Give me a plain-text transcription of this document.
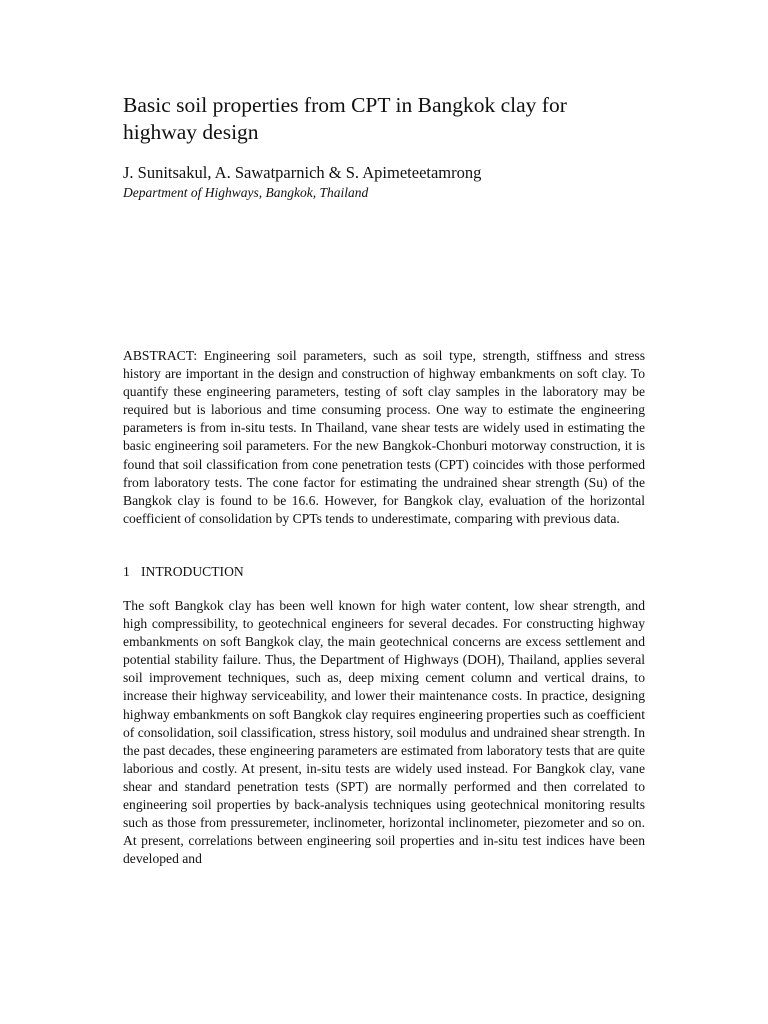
Basic soil properties from CPT in Bangkok clay for highway design
J. Sunitsakul, A. Sawatparnich & S. Apimeteetamrong
Department of Highways, Bangkok, Thailand
ABSTRACT: Engineering soil parameters, such as soil type, strength, stiffness and stress history are important in the design and construction of highway embankments on soft clay. To quantify these engineering parameters, testing of soft clay samples in the laboratory may be required but is laborious and time consuming process. One way to estimate the engineering parameters is from in-situ tests. In Thailand, vane shear tests are widely used in estimating the basic engineering soil parameters. For the new Bangkok-Chonburi motorway construction, it is found that soil classification from cone penetration tests (CPT) coincides with those performed from laboratory tests. The cone factor for estimating the undrained shear strength (Su) of the Bangkok clay is found to be 16.6. However, for Bangkok clay, evaluation of the horizontal coefficient of consolidation by CPTs tends to underestimate, comparing with previous data.
1 INTRODUCTION
The soft Bangkok clay has been well known for high water content, low shear strength, and high compressibility, to geotechnical engineers for several decades. For constructing highway embankments on soft Bangkok clay, the main geotechnical concerns are excess settlement and potential stability failure. Thus, the Department of Highways (DOH), Thailand, applies several soil improvement techniques, such as, deep mixing cement column and vertical drains, to increase their highway serviceability, and lower their maintenance costs. In practice, designing highway embankments on soft Bangkok clay requires engineering properties such as coefficient of consolidation, soil classification, stress history, soil modulus and undrained shear strength. In the past decades, these engineering parameters are estimated from laboratory tests that are quite laborious and costly. At present, in-situ tests are widely used instead. For Bangkok clay, vane shear and standard penetration tests (SPT) are normally performed and then correlated to engineering soil properties by back-analysis techniques using geotechnical monitoring results such as those from pressuremeter, inclinometer, horizontal inclinometer, piezometer and so on. At present, correlations between engineering soil properties and in-situ test indices have been developed and
